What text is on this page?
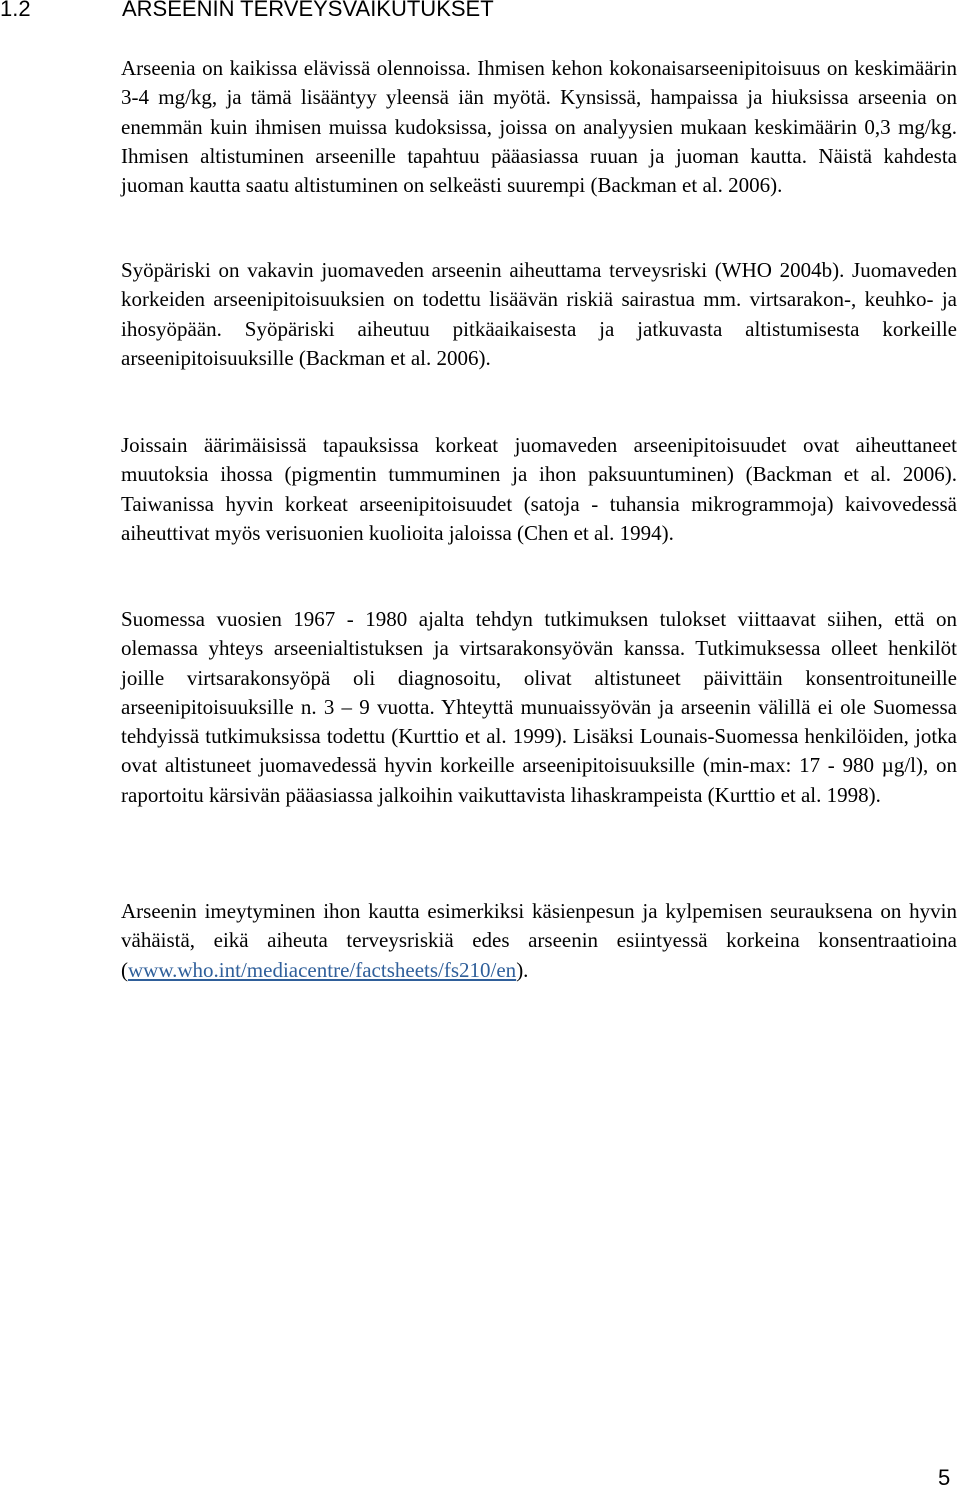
1.2	ARSEENIN TERVEYSVAIKUTUKSET

Arseenia on kaikissa elävissä olennoissa. Ihmisen kehon kokonaisarseenipitoisuus on keskimäärin 3-4 mg/kg, ja tämä lisääntyy yleensä iän myötä. Kynsissä, hampaissa ja hiuksissa arseenia on enemmän kuin ihmisen muissa kudoksissa, joissa on analyysien mukaan keskimäärin 0,3 mg/kg. Ihmisen altistuminen arseenille tapahtuu pääasiassa ruuan ja juoman kautta. Näistä kahdesta juoman kautta saatu altistuminen on selkeästi suurempi (Backman et al. 2006).

Syöpäriski on vakavin juomaveden arseenin aiheuttama terveysriski (WHO 2004b). Juomaveden korkeiden arseenipitoisuuksien on todettu lisäävän riskiä sairastua mm. virtsarakon-, keuhko- ja ihosyöpään. Syöpäriski aiheutuu pitkäaikaisesta ja jatkuvasta altistumisesta korkeille arseenipitoisuuksille (Backman et al. 2006).

Joissain äärimäisissä tapauksissa korkeat juomaveden arseenipitoisuudet ovat aiheuttaneet muutoksia ihossa (pigmentin tummuminen ja ihon paksuuntuminen) (Backman et al. 2006). Taiwanissa hyvin korkeat arseenipitoisuudet (satoja - tuhansia mikrogrammoja) kaivovedessä aiheuttivat myös verisuonien kuolioita jaloissa (Chen et al. 1994).

Suomessa vuosien 1967 - 1980 ajalta tehdyn tutkimuksen tulokset viittaavat siihen, että on olemassa yhteys arseenialtistuksen ja virtsarakonsyövän kanssa. Tutkimuksessa olleet henkilöt joille virtsarakonsyöpä oli diagnosoitu, olivat altistuneet päivittäin konsentroituneille arseenipitoisuuksille n. 3 – 9 vuotta. Yhteyttä munuaissyövän ja arseenin välillä ei ole Suomessa tehdyissä tutkimuksissa todettu (Kurttio et al. 1999). Lisäksi Lounais-Suomessa henkilöiden, jotka ovat altistuneet juomavedessä hyvin korkeille arseenipitoisuuksille (min-max: 17 - 980 µg/l), on raportoitu kärsivän pääasiassa jalkoihin vaikuttavista lihaskrampeista (Kurttio et al. 1998).

Arseenin imeytyminen ihon kautta esimerkiksi käsienpesun ja kylpemisen seurauksena on hyvin vähäistä, eikä aiheuta terveysriskiä edes arseenin esiintyessä korkeina konsentraatioina (www.who.int/mediacentre/factsheets/fs210/en).

5
